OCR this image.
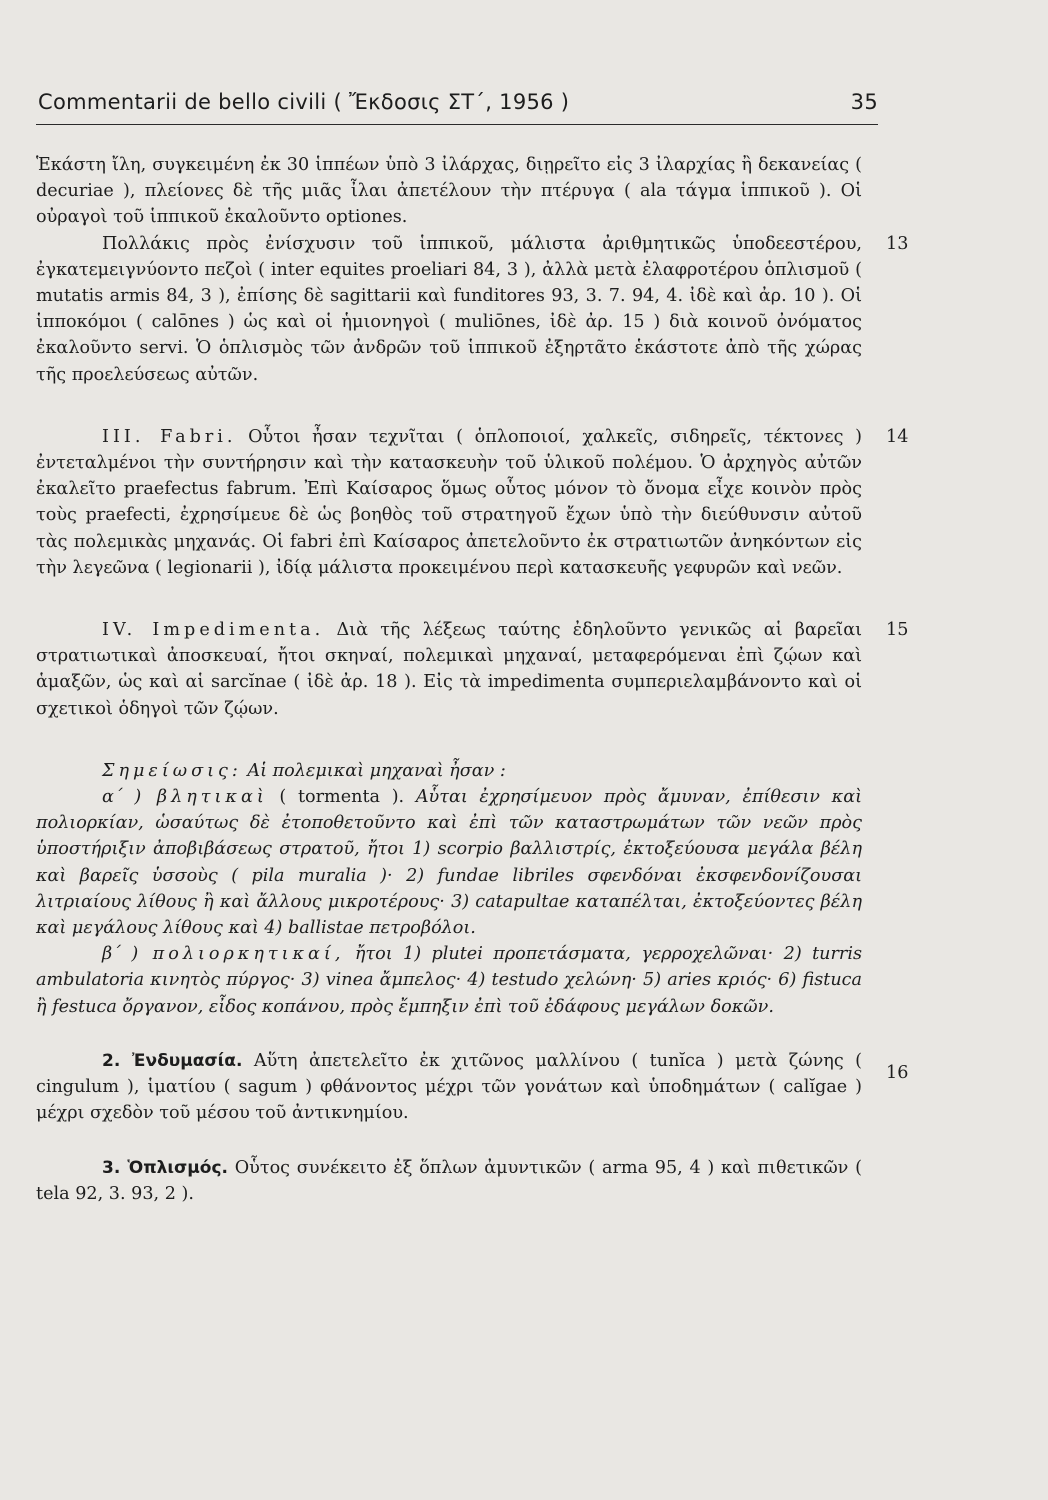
Commentarii de bello civili ( Ἔκδοσις ΣΤ΄, 1956 )	35

Ἑκάστη ἴλη, συγκειμένη ἐκ 30 ἱππέων ὑπὸ 3 ἰλάρχας, διῃρεῖτο εἰς 3 ἰλαρχίας ἢ δεκανείας ( decuriae ), πλείονες δὲ τῆς μιᾶς ἶλαι ἀπετέλουν τὴν πτέρυγα ( ala τάγμα ἱππικοῦ ). Οἱ οὐραγοὶ τοῦ ἱππικοῦ ἐκαλοῦντο optiones.

13
Πολλάκις πρὸς ἐνίσχυσιν τοῦ ἱππικοῦ, μάλιστα ἀριθμητικῶς ὑποδεεστέρου, ἐγκατεμειγνύοντο πεζοὶ ( inter equites proeliari 84, 3 ), ἀλλὰ μετὰ ἐλαφροτέρου ὁπλισμοῦ ( mutatis armis 84, 3 ), ἐπίσης δὲ sagittarii καὶ funditores 93, 3. 7. 94, 4. ἰδὲ καὶ ἀρ. 10 ). Οἱ ἱπποκόμοι ( calōnes ) ὡς καὶ οἱ ἡμιονηγοὶ ( muliōnes, ἰδὲ ἀρ. 15 ) διὰ κοινοῦ ὀνόματος ἐκαλοῦντο servi. Ὁ ὁπλισμὸς τῶν ἀνδρῶν τοῦ ἱππικοῦ ἐξηρτᾶτο ἑκάστοτε ἀπὸ τῆς χώρας τῆς προελεύσεως αὐτῶν.

14
III. Fabri. Οὗτοι ἦσαν τεχνῖται ( ὁπλοποιοί, χαλκεῖς, σιδηρεῖς, τέκτονες ) ἐντεταλμένοι τὴν συντήρησιν καὶ τὴν κατασκευὴν τοῦ ὑλικοῦ πολέμου. Ὁ ἀρχηγὸς αὐτῶν ἐκαλεῖτο praefectus fabrum. Ἐπὶ Καίσαρος ὅμως οὗτος μόνον τὸ ὄνομα εἶχε κοινὸν πρὸς τοὺς praefecti, ἐχρησίμευε δὲ ὡς βοηθὸς τοῦ στρατηγοῦ ἔχων ὑπὸ τὴν διεύθυνσιν αὐτοῦ τὰς πολεμικὰς μηχανάς. Οἱ fabri ἐπὶ Καίσαρος ἀπετελοῦντο ἐκ στρατιωτῶν ἀνηκόντων εἰς τὴν λεγεῶνα ( legionarii ), ἰδίᾳ μάλιστα προκειμένου περὶ κατασκευῆς γεφυρῶν καὶ νεῶν.

15
IV. Impedimenta. Διὰ τῆς λέξεως ταύτης ἐδηλοῦντο γενικῶς αἱ βαρεῖαι στρατιωτικαὶ ἀποσκευαί, ἤτοι σκηναί, πολεμικαὶ μηχαναί, μεταφερόμεναι ἐπὶ ζῴων καὶ ἁμαξῶν, ὡς καὶ αἱ sarcĭnae ( ἰδὲ ἀρ. 18 ). Εἰς τὰ impedimenta συμπεριελαμβάνοντο καὶ οἱ σχετικοὶ ὁδηγοὶ τῶν ζῴων.

Σημείωσις: Αἱ πολεμικαὶ μηχαναὶ ἦσαν :

α΄ ) βλητικαὶ ( tormenta ). Αὗται ἐχρησίμευον πρὸς ἄμυναν, ἐπίθεσιν καὶ πολιορκίαν, ὡσαύτως δὲ ἐτοποθετοῦντο καὶ ἐπὶ τῶν καταστρωμάτων τῶν νεῶν πρὸς ὑποστήριξιν ἀποβιβάσεως στρατοῦ, ἤτοι 1) scorpio βαλλιστρίς, ἐκτοξεύουσα μεγάλα βέλη καὶ βαρεῖς ὑσσοὺς ( pila muralia )· 2) fundae libriles σφενδόναι ἐκσφενδονίζουσαι λιτριαίους λίθους ἢ καὶ ἄλλους μικροτέρους· 3) catapultae καταπέλται, ἐκτοξεύοντες βέλη καὶ μεγάλους λίθους καὶ 4) ballistae πετροβόλοι.

β΄ ) πολιορκητικαί, ἤτοι 1) plutei προπετάσματα, γερροχελῶναι· 2) turris ambulatoria κινητὸς πύργος· 3) vinea ἄμπελος· 4) testudo χελώνη· 5) aries κριός· 6) fistuca ἢ festuca ὄργανον, εἶδος κοπάνου, πρὸς ἔμπηξιν ἐπὶ τοῦ ἐδάφους μεγάλων δοκῶν.

16
2. Ἐνδυμασία. Αὕτη ἀπετελεῖτο ἐκ χιτῶνος μαλλίνου ( tunĭca ) μετὰ ζώνης ( cingulum ), ἱματίου ( sagum ) φθάνοντος μέχρι τῶν γονάτων καὶ ὑποδημάτων ( calĭgae ) μέχρι σχεδὸν τοῦ μέσου τοῦ ἀντικνημίου.

3. Ὁπλισμός. Οὗτος συνέκειτο ἐξ ὅπλων ἀμυντικῶν ( arma 95, 4 ) καὶ πιθετικῶν ( tela 92, 3. 93, 2 ).
